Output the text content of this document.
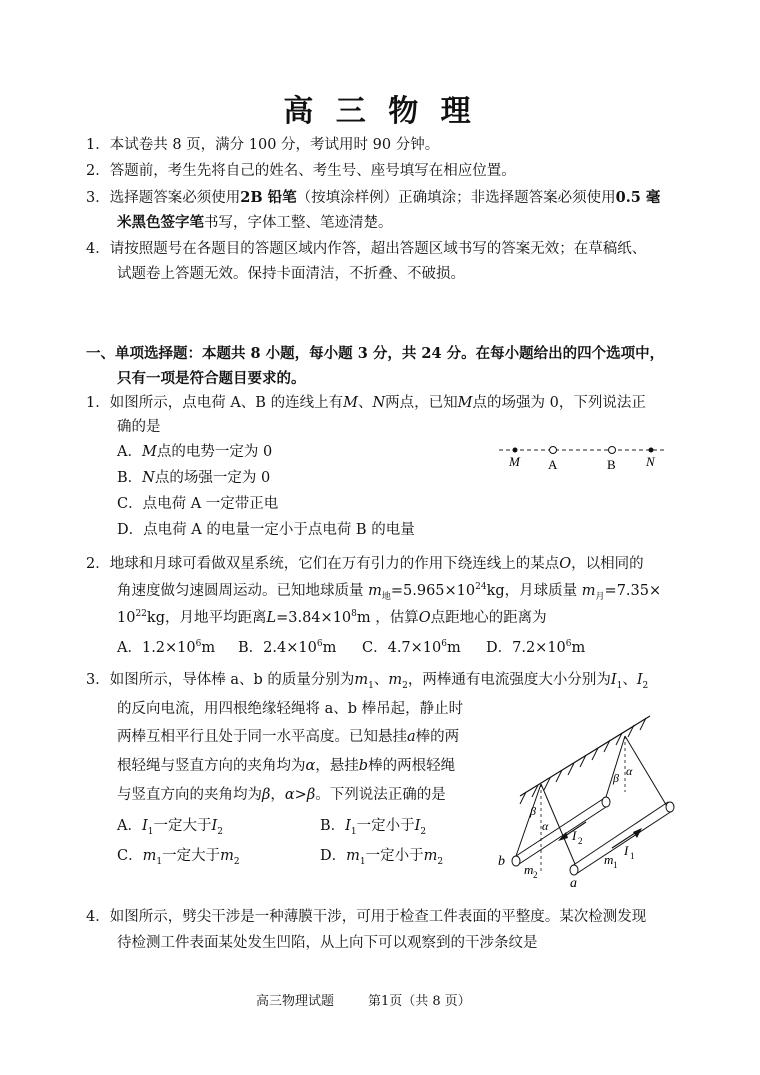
高 三 物 理
1．本试卷共 8 页，满分 100 分，考试用时 90 分钟。
2．答题前，考生先将自己的姓名、考生号、座号填写在相应位置。
3．选择题答案必须使用2B 铅笔（按填涂样例）正确填涂；非选择题答案必须使用0.5 毫
米黑色签字笔书写，字体工整、笔迹清楚。
4．请按照题号在各题目的答题区域内作答，超出答题区域书写的答案无效；在草稿纸、
试题卷上答题无效。保持卡面清洁，不折叠、不破损。
一、单项选择题：本题共 8 小题，每小题 3 分，共 24 分。在每小题给出的四个选项中，
只有一项是符合题目要求的。
1．如图所示，点电荷 A、B 的连线上有M、N两点，已知M点的场强为 0，下列说法正
确的是
A．M点的电势一定为 0
B．N点的场强一定为 0
C．点电荷 A 一定带正电
D．点电荷 A 的电量一定小于点电荷 B 的电量
M A	B N
2．地球和月球可看做双星系统，它们在万有引力的作用下绕连线上的某点O，以相同的
角速度做匀速圆周运动。已知地球质量 $m_地=5.965\times 10^{24}kg$，月球质量 $m_月=7.35\times$
$10^{22}kg$，月地平均距离$L=3.84\times 10^8m$ ，估算O点距地心的距离为
A．$1.2\times 10^6m$ B．$2.4\times 10^6m$ C．$4.7\times 10^6m$ D．$7.2\times 10^6m$
3．如图所示，导体棒 a、b 的质量分别为$m_1$、$m_2$，两棒通有电流强度大小分别为$I_1$、$I_2$
的反向电流，用四根绝缘轻绳将 a、b 棒吊起，静止时
两棒互相平行且处于同一水平高度。已知悬挂a棒的两
根轻绳与竖直方向的夹角均为α，悬挂b棒的两根轻绳
与竖直方向的夹角均为β，α>β。下列说法正确的是
A．$I_1$一定大于$I_2$	B．$I_1$一定小于$I_2$
C．$m_1$一定大于$m_2$	D．$m_1$一定小于$m_2$
β
α
β α
I 2
I 1
m 1
m 2
b
a
4．如图所示，劈尖干涉是一种薄膜干涉，可用于检查工件表面的平整度。某次检测发现
待检测工件表面某处发生凹陷，从上向下可以观察到的干涉条纹是
高三物理试题	第1页（共 8 页）
